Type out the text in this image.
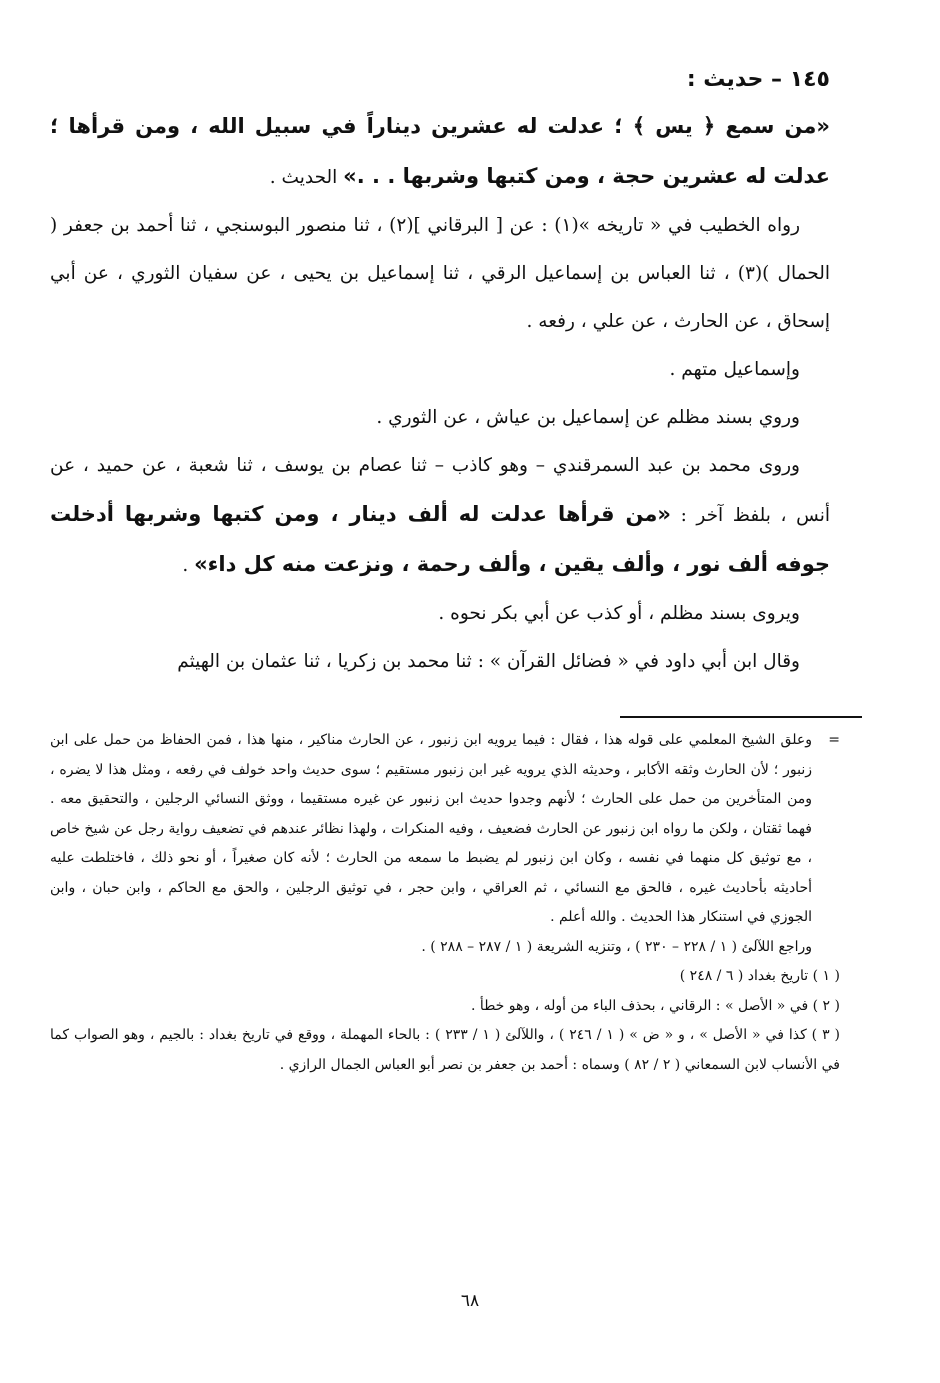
١٤٥ – حديث :

«من سمع ﴿ يس ﴾ ؛ عدلت له عشرين ديناراً في سبيل الله ، ومن قرأها ؛ عدلت له عشرين حجة ، ومن كتبها وشربها . . .» الحديث .

رواه الخطيب في « تاريخه »(١) : عن [ البرقاني ](٢) ، ثنا منصور البوسنجي ، ثنا أحمد بن جعفر ( الحمال )(٣) ، ثنا العباس بن إسماعيل الرقي ، ثنا إسماعيل بن يحيى ، عن سفيان الثوري ، عن أبي إسحاق ، عن الحارث ، عن علي ، رفعه .

وإسماعيل متهم .

وروي بسند مظلم عن إسماعيل بن عياش ، عن الثوري .

وروى محمد بن عبد السمرقندي – وهو كاذب – ثنا عصام بن يوسف ، ثنا شعبة ، عن حميد ، عن أنس ، بلفظ آخر : «من قرأها عدلت له ألف دينار ، ومن كتبها وشربها أدخلت جوفه ألف نور ، وألف يقين ، وألف رحمة ، ونزعت منه كل داء» .

ويروى بسند مظلم ، أو كذب عن أبي بكر نحوه .

وقال ابن أبي داود في « فضائل القرآن » : ثنا محمد بن زكريا ، ثنا عثمان بن الهيثم

=
وعلق الشيخ المعلمي على قوله هذا ، فقال : فيما يرويه ابن زنبور ، عن الحارث مناكير ، منها هذا ، فمن الحفاظ من حمل على ابن زنبور ؛ لأن الحارث وثقه الأكابر ، وحديثه الذي يرويه غير ابن زنبور مستقيم ؛ سوى حديث واحد خولف في رفعه ، ومثل هذا لا يضره ، ومن المتأخرين من حمل على الحارث ؛ لأنهم وجدوا حديث ابن زنبور عن غيره مستقيما ، ووثق النسائي الرجلين ، والتحقيق معه . فهما ثقتان ، ولكن ما رواه ابن زنبور عن الحارث فضعيف ، وفيه المنكرات ، ولهذا نظائر عندهم في تضعيف رواية رجل عن شيخ خاص ، مع توثيق كل منهما في نفسه ، وكان ابن زنبور لم يضبط ما سمعه من الحارث ؛ لأنه كان صغيراً ، أو نحو ذلك ، فاختلطت عليه أحاديثه بأحاديث غيره ، فالحق مع النسائي ، ثم العراقي ، وابن حجر ، في توثيق الرجلين ، والحق مع الحاكم ، وابن حبان ، وابن الجوزي في استنكار هذا الحديث . والله أعلم .

وراجع اللآلئ ( ١ / ٢٢٨ – ٢٣٠ ) ، وتنزيه الشريعة ( ١ / ٢٨٧ – ٢٨٨ ) .

( ١ ) تاريخ بغداد ( ٦ / ٢٤٨ )

( ٢ ) في « الأصل » : الرقاني ، بحذف الباء من أوله ، وهو خطأ .

( ٣ ) كذا في « الأصل » ، و « ض » ( ١ / ٢٤٦ ) ، واللآلئ ( ١ / ٢٣٣ ) : بالحاء المهملة ، ووقع في تاريخ بغداد : بالجيم ، وهو الصواب كما في الأنساب لابن السمعاني ( ٢ / ٨٢ ) وسماه : أحمد بن جعفر بن نصر أبو العباس الجمال الرازي .

٦٨
